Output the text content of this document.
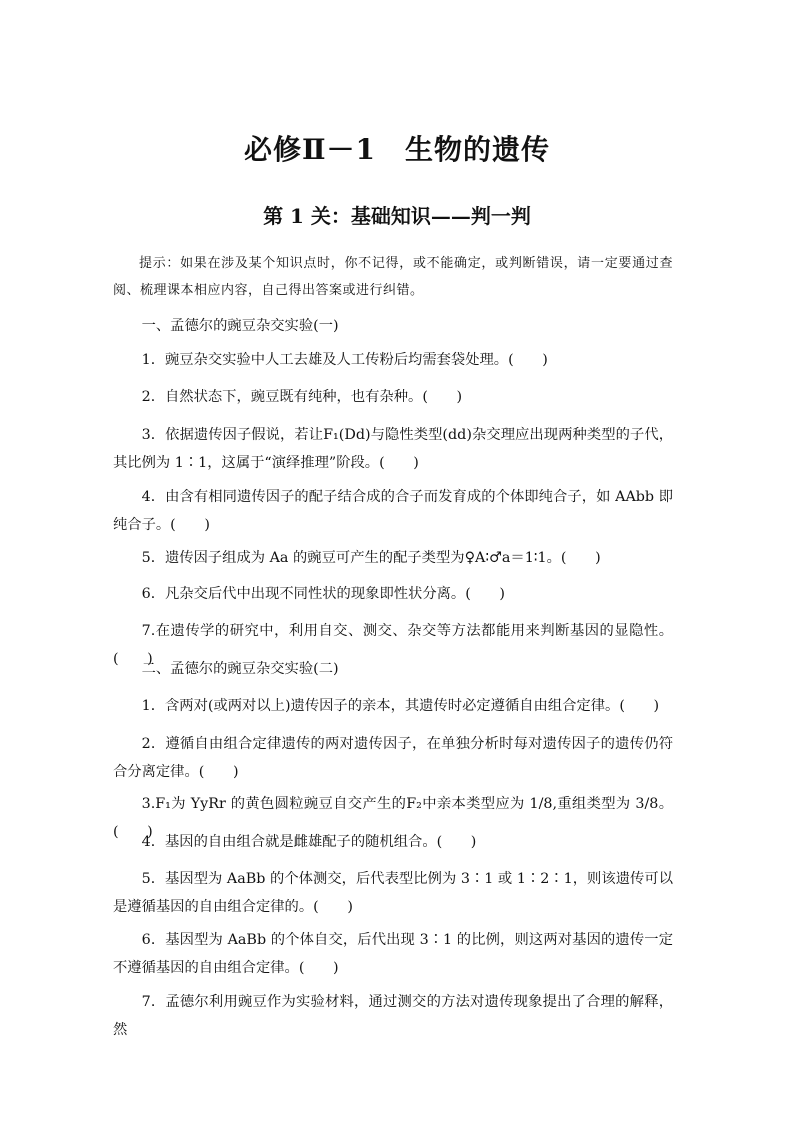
必修Ⅱ－1　生物的遗传
第 1 关：基础知识——判一判
提示：如果在涉及某个知识点时，你不记得，或不能确定，或判断错误，请一定要通过查阅、梳理课本相应内容，自己得出答案或进行纠错。
一、孟德尔的豌豆杂交实验(一)
1．豌豆杂交实验中人工去雄及人工传粉后均需套袋处理。(　　)
2．自然状态下，豌豆既有纯种，也有杂种。(　　)
3．依据遗传因子假说，若让F₁(Dd)与隐性类型(dd)杂交理应出现两种类型的子代，其比例为 1∶1，这属于“演绎推理”阶段。(　　)
4．由含有相同遗传因子的配子结合成的合子而发育成的个体即纯合子，如 AAbb 即纯合子。(　　)
5．遗传因子组成为 Aa 的豌豆可产生的配子类型为♀A∶♂a＝1∶1。(　　)
6．凡杂交后代中出现不同性状的现象即性状分离。(　　)
7.在遗传学的研究中，利用自交、测交、杂交等方法都能用来判断基因的显隐性。(　　)
二、孟德尔的豌豆杂交实验(二)
1．含两对(或两对以上)遗传因子的亲本，其遗传时必定遵循自由组合定律。(　　)
2．遵循自由组合定律遗传的两对遗传因子，在单独分析时每对遗传因子的遗传仍符合分离定律。(　　)
3.F₁为 YyRr 的黄色圆粒豌豆自交产生的F₂中亲本类型应为 1/8,重组类型为 3/8。(　　)
4．基因的自由组合就是雌雄配子的随机组合。(　　)
5．基因型为 AaBb 的个体测交，后代表型比例为 3∶1 或 1∶2∶1，则该遗传可以是遵循基因的自由组合定律的。(　　)
6．基因型为 AaBb 的个体自交，后代出现 3∶1 的比例，则这两对基因的遗传一定不遵循基因的自由组合定律。(　　)
7．孟德尔利用豌豆作为实验材料，通过测交的方法对遗传现象提出了合理的解释，然
